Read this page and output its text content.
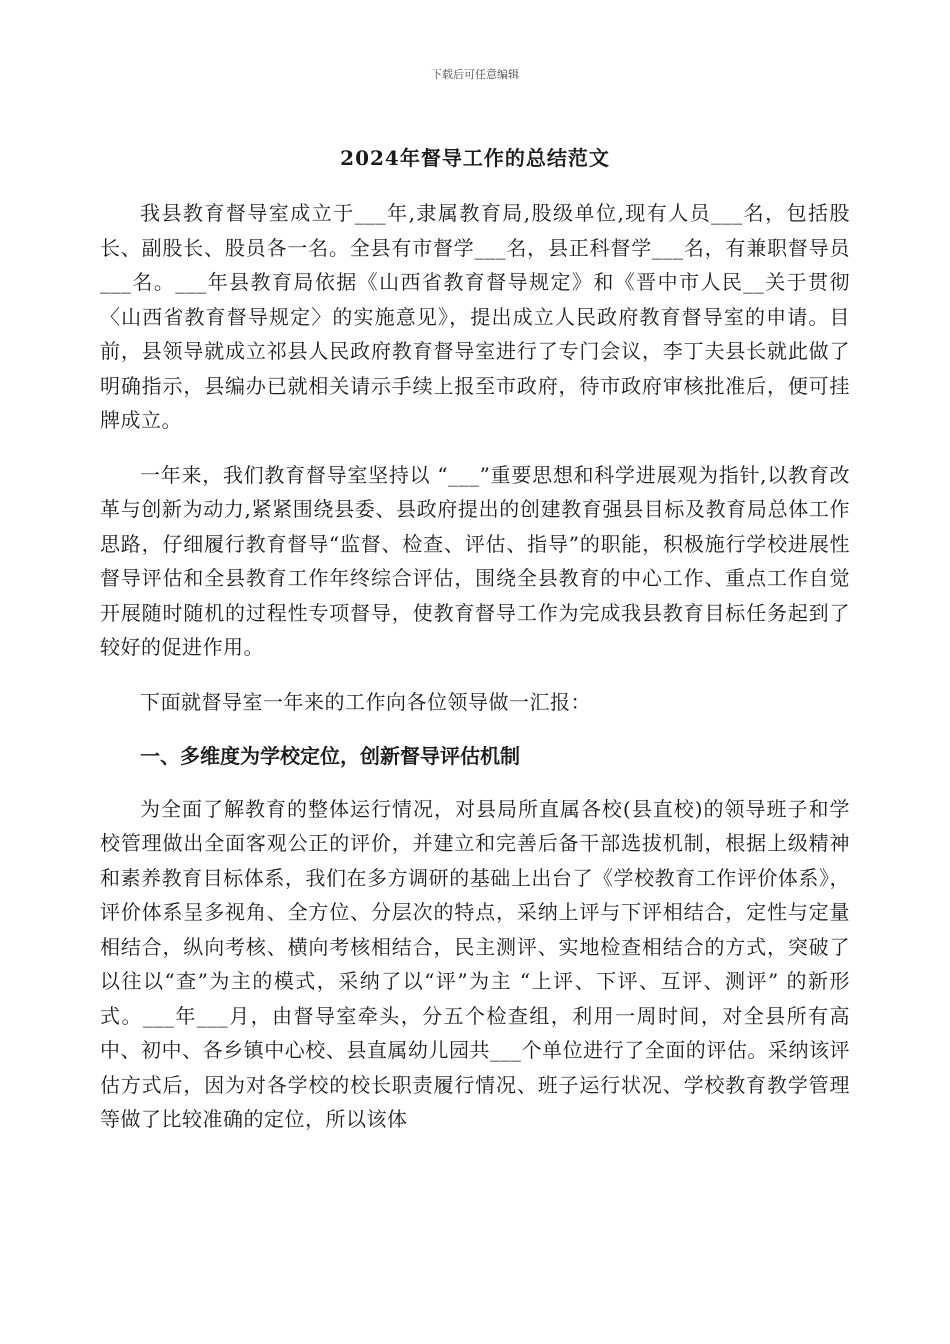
下载后可任意编辑
2024年督导工作的总结范文

我县教育督导室成立于___年,隶属教育局,股级单位,现有人员___名，包括股长、副股长、股员各一名。全县有市督学___名，县正科督学___名，有兼职督导员___名。___年县教育局依据《山西省教育督导规定》和《晋中市人民__关于贯彻〈山西省教育督导规定〉的实施意见》，提出成立人民政府教育督导室的申请。目前，县领导就成立祁县人民政府教育督导室进行了专门会议，李丁夫县长就此做了明确指示，县编办已就相关请示手续上报至市政府，待市政府审核批准后，便可挂牌成立。

一年来，我们教育督导室坚持以 “___”重要思想和科学进展观为指针,以教育改革与创新为动力,紧紧围绕县委、县政府提出的创建教育强县目标及教育局总体工作思路，仔细履行教育督导“监督、检查、评估、指导”的职能，积极施行学校进展性督导评估和全县教育工作年终综合评估，围绕全县教育的中心工作、重点工作自觉开展随时随机的过程性专项督导，使教育督导工作为完成我县教育目标任务起到了较好的促进作用。

下面就督导室一年来的工作向各位领导做一汇报：

一、多维度为学校定位，创新督导评估机制

为全面了解教育的整体运行情况，对县局所直属各校(县直校)的领导班子和学校管理做出全面客观公正的评价，并建立和完善后备干部选拔机制，根据上级精神和素养教育目标体系，我们在多方调研的基础上出台了《学校教育工作评价体系》，评价体系呈多视角、全方位、分层次的特点，采纳上评与下评相结合，定性与定量相结合，纵向考核、横向考核相结合，民主测评、实地检查相结合的方式，突破了以往以“查”为主的模式，采纳了以“评”为主 “上评、下评、互评、测评” 的新形式。___年___月，由督导室牵头，分五个检查组，利用一周时间，对全县所有高中、初中、各乡镇中心校、县直属幼儿园共___个单位进行了全面的评估。采纳该评估方式后，因为对各学校的校长职责履行情况、班子运行状况、学校教育教学管理等做了比较准确的定位，所以该体
